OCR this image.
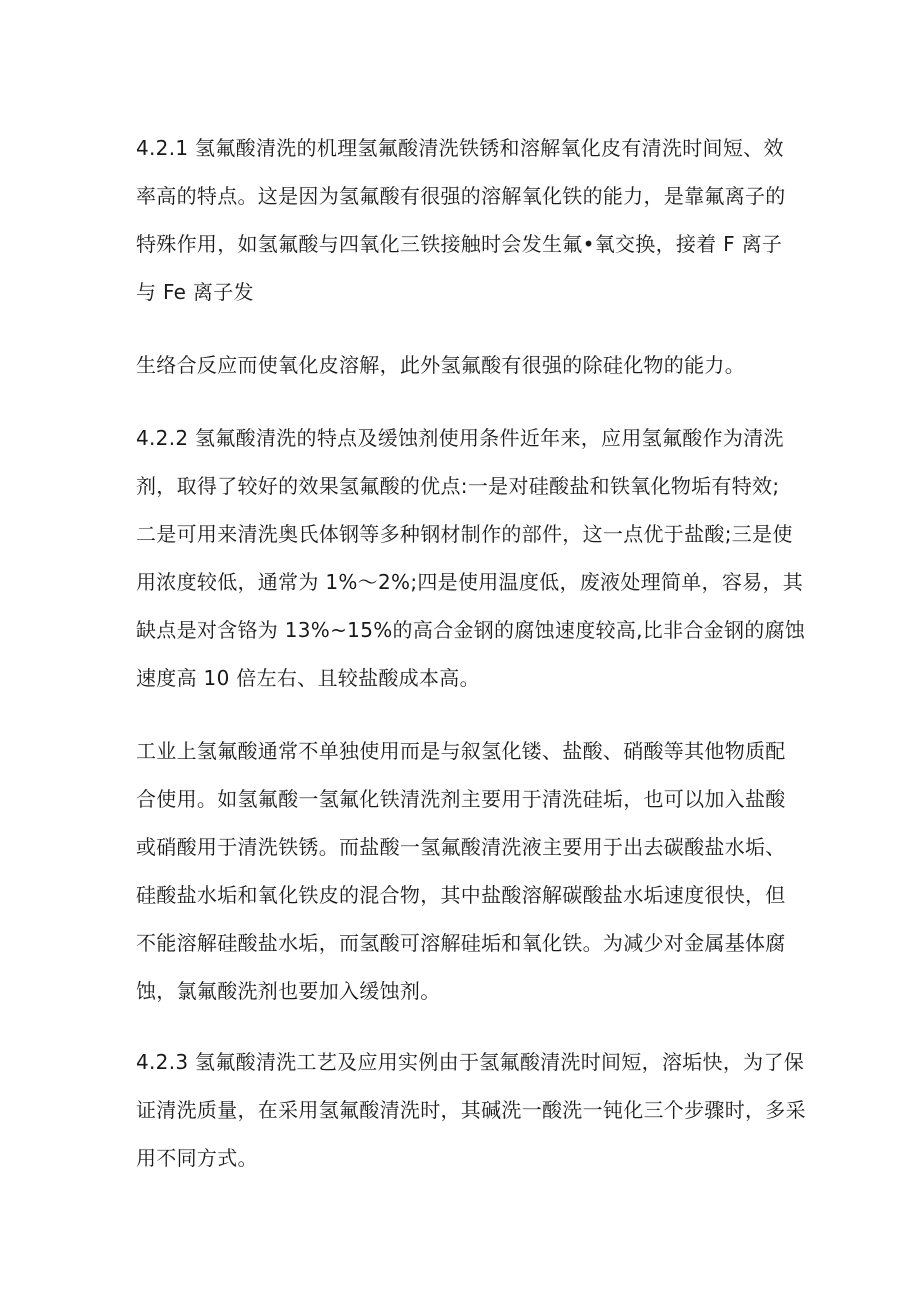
4.2.1 氢氟酸清洗的机理氢氟酸清洗铁锈和溶解氧化皮有清洗时间短、效
率高的特点。这是因为氢氟酸有很强的溶解氧化铁的能力，是靠氟离子的
特殊作用，如氢氟酸与四氧化三铁接触时会发生氟•氧交换，接着 F 离子
与 Fe 离子发
生络合反应而使氧化皮溶解，此外氢氟酸有很强的除硅化物的能力。
4.2.2 氢氟酸清洗的特点及缓蚀剂使用条件近年来，应用氢氟酸作为清洗
剂，取得了较好的效果氢氟酸的优点:一是对硅酸盐和铁氧化物垢有特效;
二是可用来清洗奥氏体钢等多种钢材制作的部件，这一点优于盐酸;三是使
用浓度较低，通常为 1%～2%;四是使用温度低，废液处理简单，容易，其
缺点是对含铬为 13%~15%的高合金钢的腐蚀速度较高,比非合金钢的腐蚀
速度高 10 倍左右、且较盐酸成本高。
工业上氢氟酸通常不单独使用而是与叙氢化镂、盐酸、硝酸等其他物质配
合使用。如氢氟酸一氢氟化铁清洗剂主要用于清洗硅垢，也可以加入盐酸
或硝酸用于清洗铁锈。而盐酸一氢氟酸清洗液主要用于出去碳酸盐水垢、
硅酸盐水垢和氧化铁皮的混合物，其中盐酸溶解碳酸盐水垢速度很快，但
不能溶解硅酸盐水垢，而氢酸可溶解硅垢和氧化铁。为减少对金属基体腐
蚀，氯氟酸洗剂也要加入缓蚀剂。
4.2.3 氢氟酸清洗工艺及应用实例由于氢氟酸清洗时间短，溶垢快，为了保
证清洗质量，在采用氢氟酸清洗时，其碱洗一酸洗一钝化三个步骤时，多采
用不同方式。
